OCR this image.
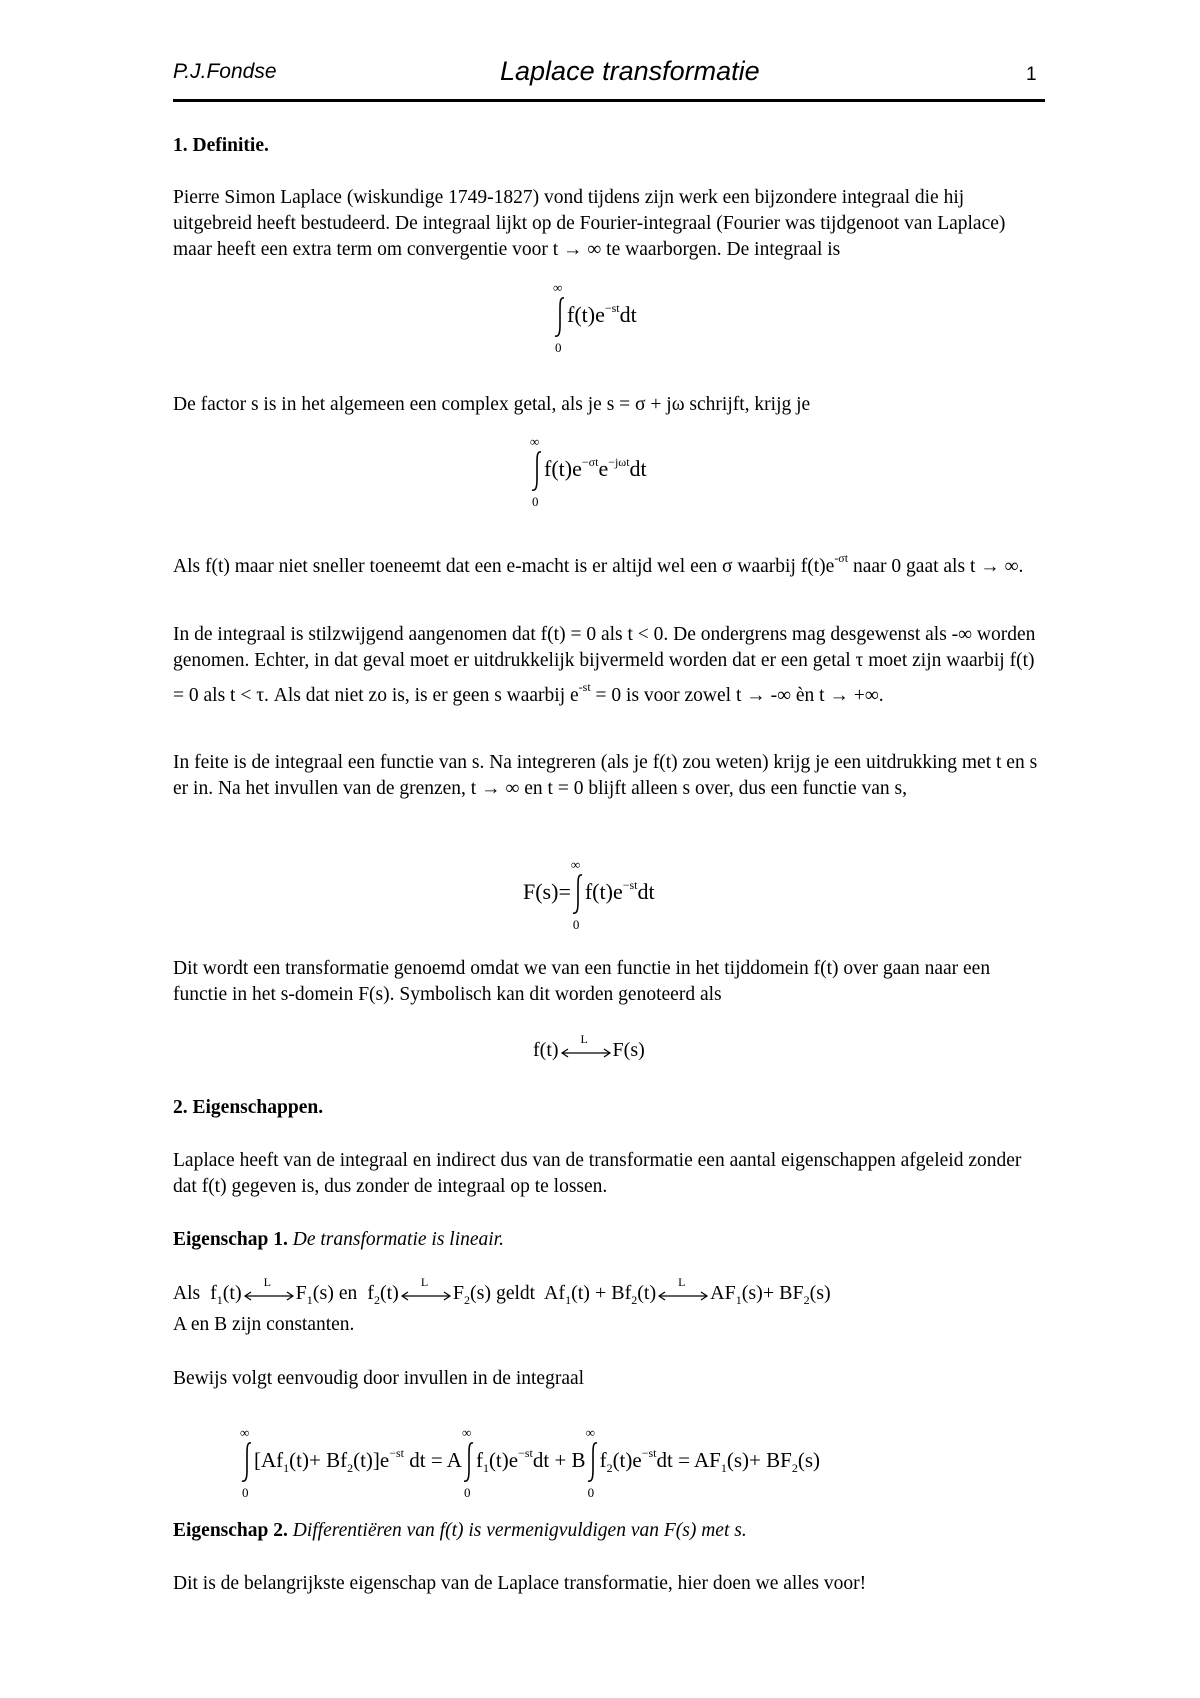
P.J.Fondse	Laplace transformatie	1

1. Definitie.

Pierre Simon Laplace (wiskundige 1749-1827) vond tijdens zijn werk een bijzondere integraal die hij uitgebreid heeft bestudeerd. De integraal lijkt op de Fourier-integraal (Fourier was tijdgenoot van Laplace) maar heeft een extra term om convergentie voor t → ∞ te waarborgen. De integraal is

∞
0
$f(t)e^{-st}dt$

De factor s is in het algemeen een complex getal, als je s = σ + jω schrijft, krijg je

∞
0
$f(t)e^{-\sigma t}e^{-j\omega t}dt$

Als f(t) maar niet sneller toeneemt dat een e-macht is er altijd wel een σ waarbij $f(t)e^{-\sigma t}$ naar 0 gaat als t → ∞.

In de integraal is stilzwijgend aangenomen dat f(t) = 0 als t < 0. De ondergrens mag desgewenst als -∞ worden genomen. Echter, in dat geval moet er uitdrukkelijk bijvermeld worden dat er een getal τ moet zijn waarbij f(t) = 0 als t < τ. Als dat niet zo is, is er geen s waarbij $e^{-st} = 0$ is voor zowel t → -∞ èn t → +∞.

In feite is de integraal een functie van s. Na integreren (als je f(t) zou weten) krijg je een uitdrukking met t en s er in. Na het invullen van de grenzen, t → ∞ en t = 0 blijft alleen s over, dus een functie van s,

F(s)=
∞
0
$f(t)e^{-st}dt$

Dit wordt een transformatie genoemd omdat we van een functie in het tijddomein f(t) over gaan naar een functie in het s-domein F(s). Symbolisch kan dit worden genoteerd als

f(t) L F(s)

2. Eigenschappen.

Laplace heeft van de integraal en indirect dus van de transformatie een aantal eigenschappen afgeleid zonder dat f(t) gegeven is, dus zonder de integraal op te lossen.

Eigenschap 1. De transformatie is lineair.

Als  $f_1(t)$ L $F_1(s)$ en  $f_2(t)$ L $F_2(s)$ geldt  $Af_1(t) + Bf_2(t)$ L $AF_1(s)+ BF_2(s)$

A en B zijn constanten.

Bewijs volgt eenvoudig door invullen in de integraal

∞
0
$[Af_1(t)+ Bf_2(t)]e^{-st}$ dt = A
∞
0
$f_1(t)e^{-st}dt + B$
∞
0
$f_2(t)e^{-st}dt = AF_1(s)+ BF_2(s)$

Eigenschap 2. Differentiëren van f(t) is vermenigvuldigen van F(s) met s.

Dit is de belangrijkste eigenschap van de Laplace transformatie, hier doen we alles voor!
